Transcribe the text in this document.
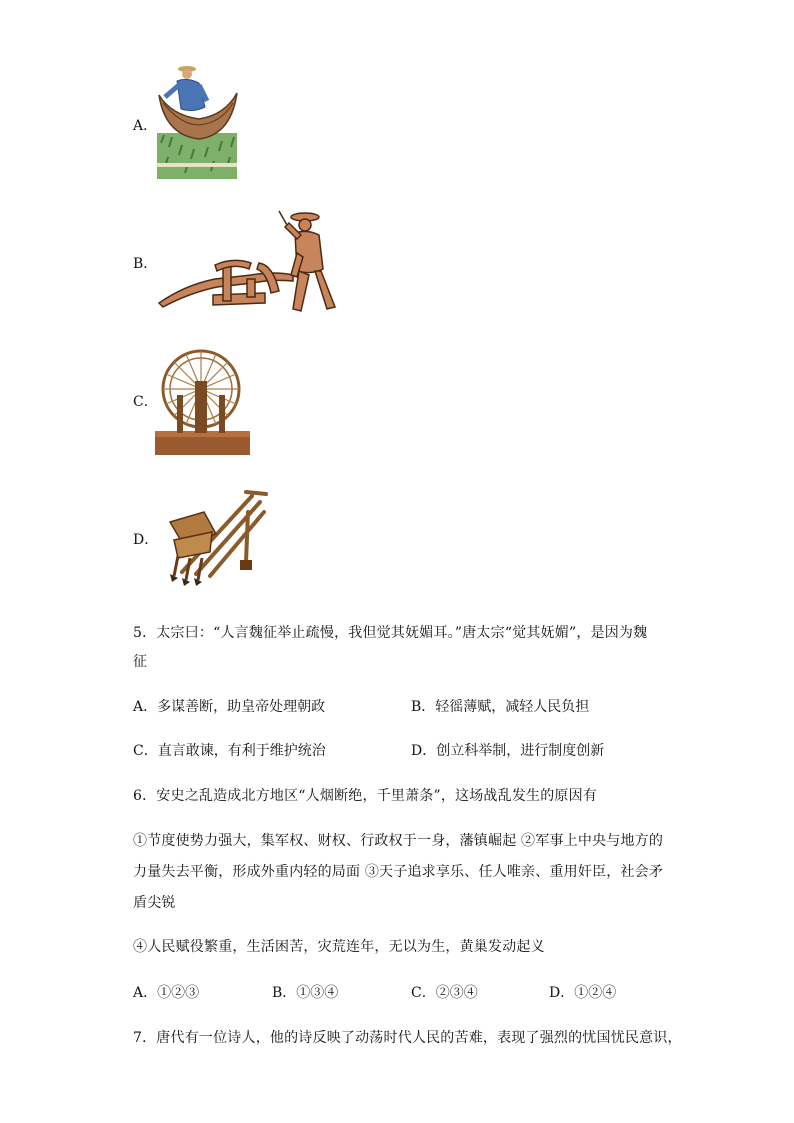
A．
B．
C．
D．
5．太宗曰：“人言魏征举止疏慢，我但觉其妩媚耳。”唐太宗“觉其妩媚”，是因为魏
征
A．多谋善断，助皇帝处理朝政	B．轻徭薄赋，减轻人民负担
C．直言敢谏，有利于维护统治	D．创立科举制，进行制度创新
6．安史之乱造成北方地区“人烟断绝，千里萧条”，这场战乱发生的原因有
①节度使势力强大，集军权、财权、行政权于一身，藩镇崛起 ②军事上中央与地方的
力量失去平衡，形成外重内轻的局面 ③天子追求享乐、任人唯亲、重用奸臣，社会矛
盾尖锐
④人民赋役繁重，生活困苦，灾荒连年，无以为生，黄巢发动起义
A．①②③	B．①③④	C．②③④	D．①②④
7．唐代有一位诗人，他的诗反映了动荡时代人民的苦难，表现了强烈的忧国忧民意识，
